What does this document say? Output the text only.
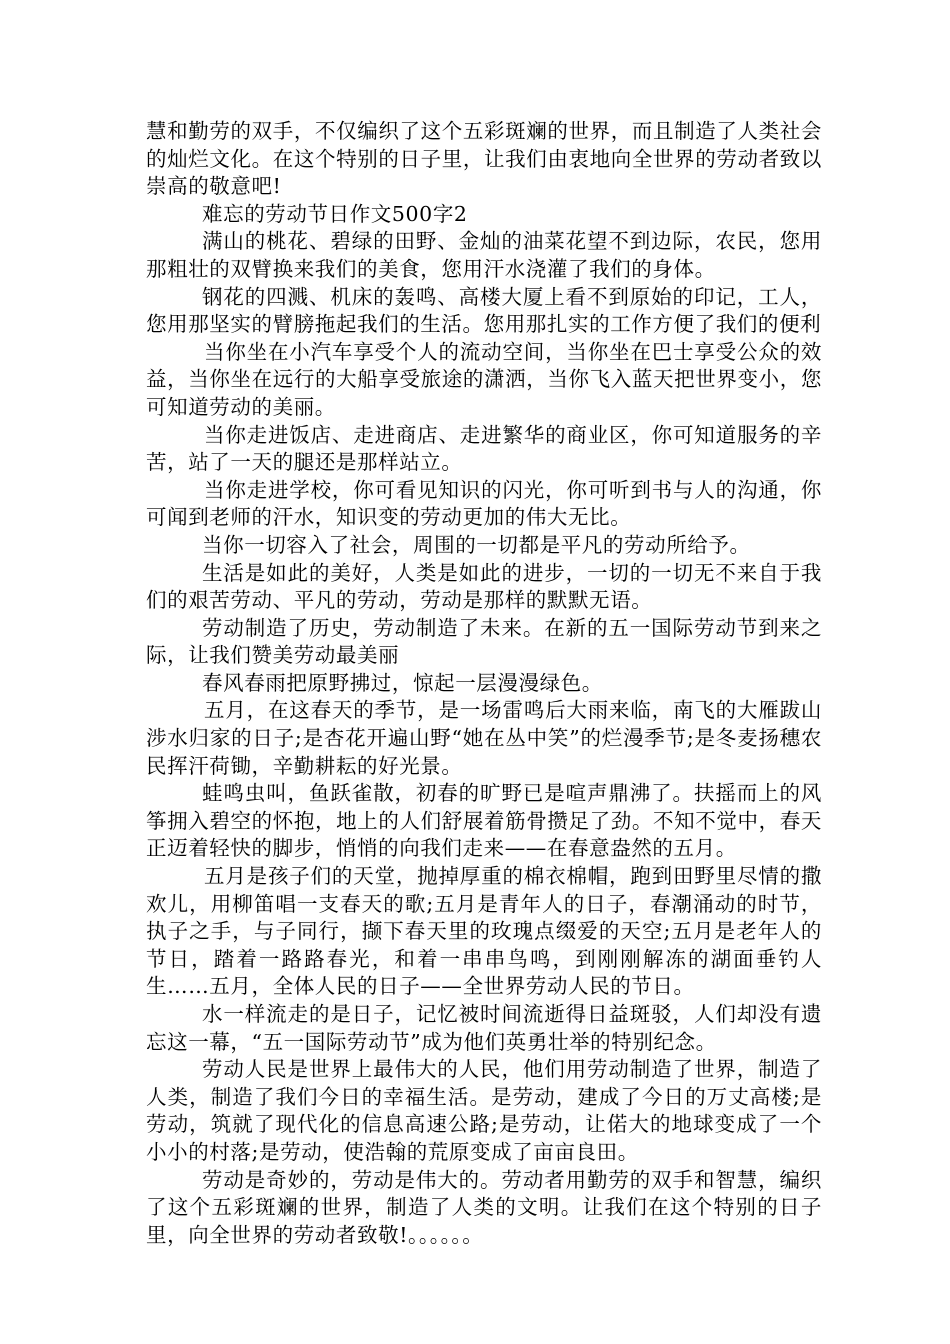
慧和勤劳的双手，不仅编织了这个五彩斑斓的世界，而且制造了人类社会的灿烂文化。在这个特别的日子里，让我们由衷地向全世界的劳动者致以崇高的敬意吧!

难忘的劳动节日作文500字2

满山的桃花、碧绿的田野、金灿的油菜花望不到边际，农民，您用那粗壮的双臂换来我们的美食，您用汗水浇灌了我们的身体。

钢花的四溅、机床的轰鸣、高楼大厦上看不到原始的印记，工人，您用那坚实的臂膀拖起我们的生活。您用那扎实的工作方便了我们的便利

当你坐在小汽车享受个人的流动空间，当你坐在巴士享受公众的效益，当你坐在远行的大船享受旅途的潇洒，当你飞入蓝天把世界变小，您可知道劳动的美丽。

当你走进饭店、走进商店、走进繁华的商业区，你可知道服务的辛苦，站了一天的腿还是那样站立。

当你走进学校，你可看见知识的闪光，你可听到书与人的沟通，你可闻到老师的汗水，知识变的劳动更加的伟大无比。

当你一切容入了社会，周围的一切都是平凡的劳动所给予。

生活是如此的美好，人类是如此的进步，一切的一切无不来自于我们的艰苦劳动、平凡的劳动，劳动是那样的默默无语。

劳动制造了历史，劳动制造了未来。在新的五一国际劳动节到来之际，让我们赞美劳动最美丽

春风春雨把原野拂过，惊起一层漫漫绿色。

五月，在这春天的季节，是一场雷鸣后大雨来临，南飞的大雁跋山涉水归家的日子;是杏花开遍山野“她在丛中笑”的烂漫季节;是冬麦扬穗农民挥汗荷锄，辛勤耕耘的好光景。

蛙鸣虫叫，鱼跃雀散，初春的旷野已是喧声鼎沸了。扶摇而上的风筝拥入碧空的怀抱，地上的人们舒展着筋骨攒足了劲。不知不觉中，春天正迈着轻快的脚步，悄悄的向我们走来——在春意盎然的五月。

五月是孩子们的天堂，抛掉厚重的棉衣棉帽，跑到田野里尽情的撒欢儿，用柳笛唱一支春天的歌;五月是青年人的日子，春潮涌动的时节，执子之手，与子同行，撷下春天里的玫瑰点缀爱的天空;五月是老年人的节日，踏着一路路春光，和着一串串鸟鸣，到刚刚解冻的湖面垂钓人生……五月，全体人民的日子——全世界劳动人民的节日。

水一样流走的是日子，记忆被时间流逝得日益斑驳，人们却没有遗忘这一幕，“五一国际劳动节”成为他们英勇壮举的特别纪念。

劳动人民是世界上最伟大的人民，他们用劳动制造了世界，制造了人类，制造了我们今日的幸福生活。是劳动，建成了今日的万丈高楼;是劳动，筑就了现代化的信息高速公路;是劳动，让偌大的地球变成了一个小小的村落;是劳动，使浩翰的荒原变成了亩亩良田。

劳动是奇妙的，劳动是伟大的。劳动者用勤劳的双手和智慧，编织了这个五彩斑斓的世界，制造了人类的文明。让我们在这个特别的日子里，向全世界的劳动者致敬!。。。。。。
